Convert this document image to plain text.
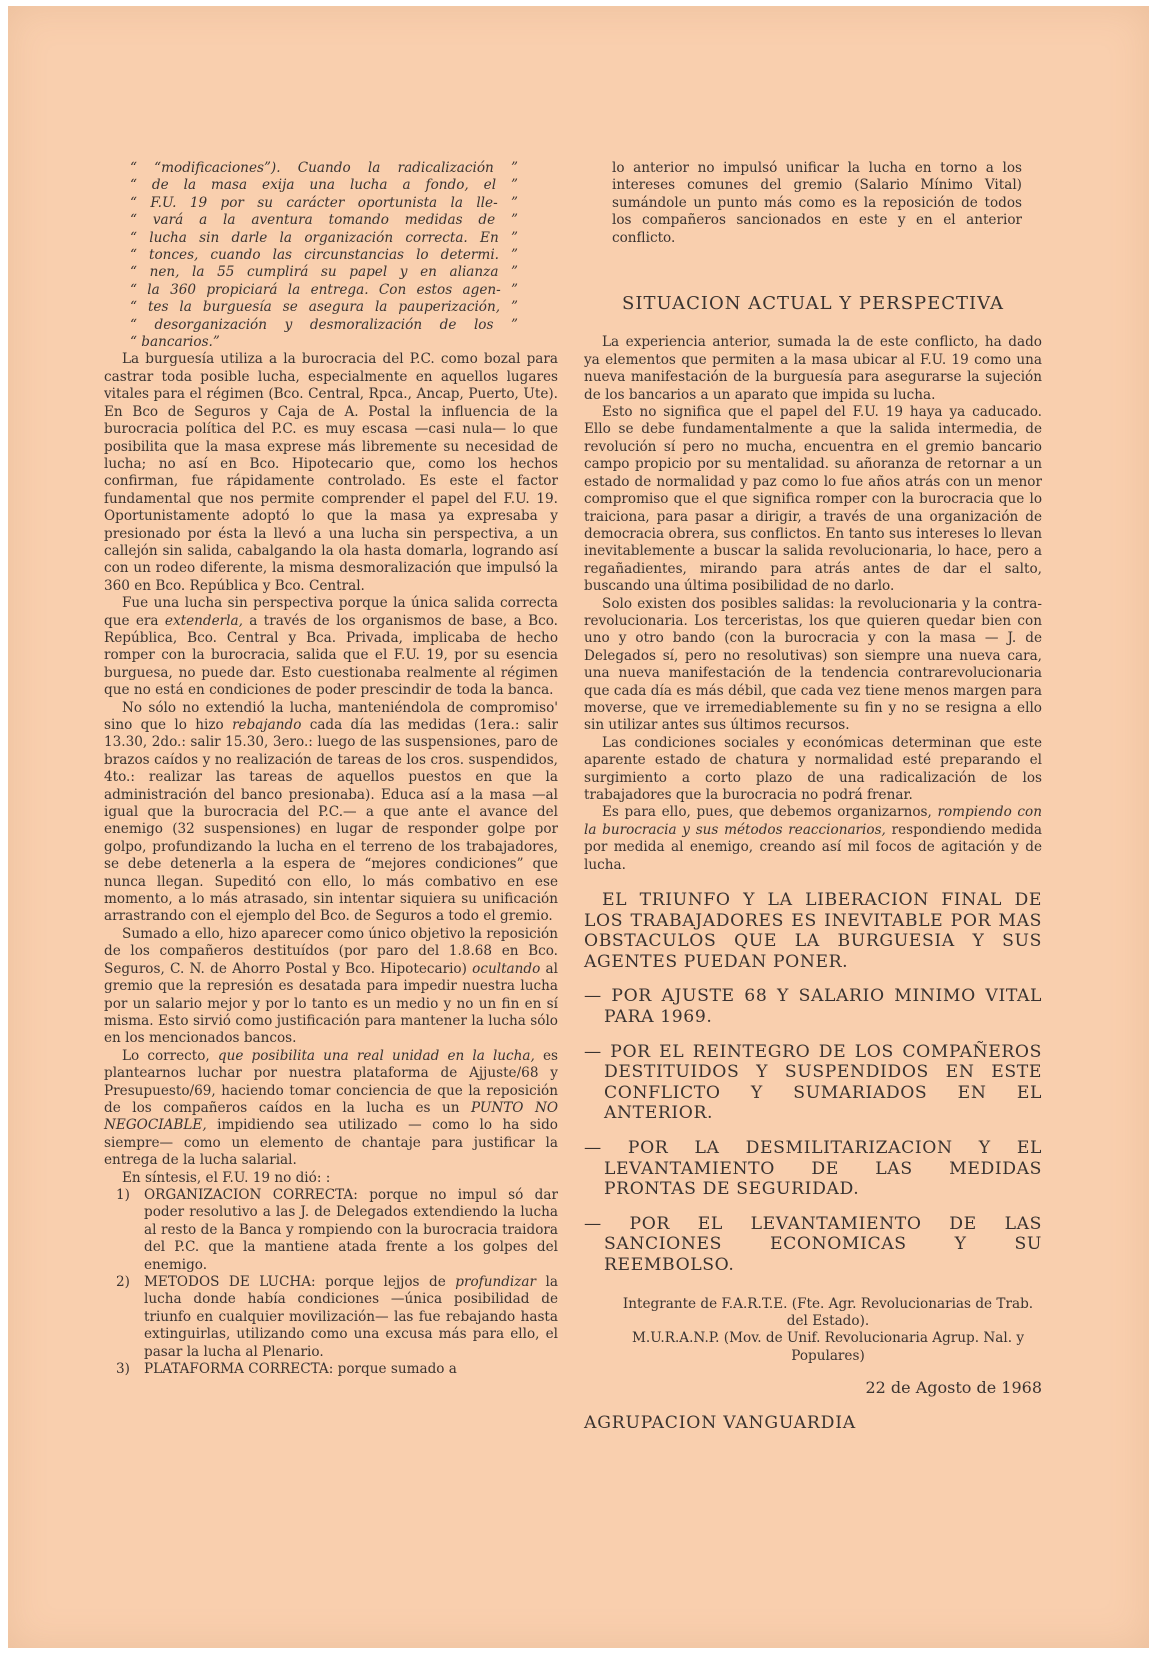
“ “modificaciones”). Cuando la radicalización ”
“ de la masa exija una lucha a fondo, el ”
“ F.U. 19 por su carácter oportunista la lle- ”
“ vará a la aventura tomando medidas de ”
“ lucha sin darle la organización correcta. En ”
“ tonces, cuando las circunstancias lo determi. ”
“ nen, la 55 cumplirá su papel y en alianza ”
“ la 360 propiciará la entrega. Con estos agen- ”
“ tes la burguesía se asegura la pauperización, ”
“ desorganización y desmoralización de los ”
“ bancarios.”

La burguesía utiliza a la burocracia del P.C. como bozal para castrar toda posible lucha, especialmente en aquellos lugares vitales para el régimen (Bco. Central, Rpca., Ancap, Puerto, Ute). En Bco de Seguros y Caja de A. Postal la influencia de la burocracia política del P.C. es muy escasa —casi nula— lo que posibilita que la masa exprese más libremente su necesidad de lucha; no así en Bco. Hipotecario que, como los hechos confirman, fue rápidamente controlado. Es este el factor fundamental que nos permite comprender el papel del F.U. 19. Oportunistamente adoptó lo que la masa ya expresaba y presionado por ésta la llevó a una lucha sin perspectiva, a un callejón sin salida, cabalgando la ola hasta domarla, logrando así con un rodeo diferente, la misma desmoralización que impulsó la 360 en Bco. República y Bco. Central.

Fue una lucha sin perspectiva porque la única salida correcta que era extenderla, a través de los organismos de base, a Bco. República, Bco. Central y Bca. Privada, implicaba de hecho romper con la burocracia, salida que el F.U. 19, por su esencia burguesa, no puede dar. Esto cuestionaba realmente al régimen que no está en condiciones de poder prescindir de toda la banca.

No sólo no extendió la lucha, manteniéndola de compromiso' sino que lo hizo rebajando cada día las medidas (1era.: salir 13.30, 2do.: salir 15.30, 3ero.: luego de las suspensiones, paro de brazos caídos y no realización de tareas de los cros. suspendidos, 4to.: realizar las tareas de aquellos puestos en que la administración del banco presionaba). Educa así a la masa —al igual que la burocracia del P.C.— a que ante el avance del enemigo (32 suspensiones) en lugar de responder golpe por golpo, profundizando la lucha en el terreno de los trabajadores, se debe detenerla a la espera de “mejores condiciones” que nunca llegan. Supeditó con ello, lo más combativo en ese momento, a lo más atrasado, sin intentar siquiera su unificación arrastrando con el ejemplo del Bco. de Seguros a todo el gremio.

Sumado a ello, hizo aparecer como único objetivo la reposición de los compañeros destituídos (por paro del 1.8.68 en Bco. Seguros, C. N. de Ahorro Postal y Bco. Hipotecario) ocultando al gremio que la represión es desatada para impedir nuestra lucha por un salario mejor y por lo tanto es un medio y no un fin en sí misma. Esto sirvió como justificación para mantener la lucha sólo en los mencionados bancos.

Lo correcto, que posibilita una real unidad en la lucha, es plantearnos luchar por nuestra plataforma de Ajjuste/68 y Presupuesto/69, haciendo tomar conciencia de que la reposición de los compañeros caídos en la lucha es un PUNTO NO NEGOCIABLE, impidiendo sea utilizado — como lo ha sido siempre— como un elemento de chantaje para justificar la entrega de la lucha salarial.

En síntesis, el F.U. 19 no dió: :

1) ORGANIZACION CORRECTA: porque no impul só dar poder resolutivo a las J. de Delegados extendiendo la lucha al resto de la Banca y rompiendo con la burocracia traidora del P.C. que la mantiene atada frente a los golpes del enemigo.
2) METODOS DE LUCHA: porque lejjos de profundizar la lucha donde había condiciones —única posibilidad de triunfo en cualquier movilización— las fue rebajando hasta extinguirlas, utilizando como una excusa más para ello, el pasar la lucha al Plenario.
3) PLATAFORMA CORRECTA: porque sumado a

lo anterior no impulsó unificar la lucha en torno a los intereses comunes del gremio (Salario Mínimo Vital) sumándole un punto más como es la reposición de todos los compañeros sancionados en este y en el anterior conflicto.

SITUACION ACTUAL Y PERSPECTIVA

La experiencia anterior, sumada la de este conflicto, ha dado ya elementos que permiten a la masa ubicar al F.U. 19 como una nueva manifestación de la burguesía para asegurarse la sujeción de los bancarios a un aparato que impida su lucha.

Esto no significa que el papel del F.U. 19 haya ya caducado. Ello se debe fundamentalmente a que la salida intermedia, de revolución sí pero no mucha, encuentra en el gremio bancario campo propicio por su mentalidad. su añoranza de retornar a un estado de normalidad y paz como lo fue años atrás con un menor compromiso que el que significa romper con la burocracia que lo traiciona, para pasar a dirigir, a través de una organización de democracia obrera, sus conflictos. En tanto sus intereses lo llevan inevitablemente a buscar la salida revolucionaria, lo hace, pero a regañadientes, mirando para atrás antes de dar el salto, buscando una última posibilidad de no darlo.

Solo existen dos posibles salidas: la revolucionaria y la contra-revolucionaria. Los terceristas, los que quieren quedar bien con uno y otro bando (con la burocracia y con la masa — J. de Delegados sí, pero no resolutivas) son siempre una nueva cara, una nueva manifestación de la tendencia contrarevolucionaria que cada día es más débil, que cada vez tiene menos margen para moverse, que ve irremediablemente su fin y no se resigna a ello sin utilizar antes sus últimos recursos.

Las condiciones sociales y económicas determinan que este aparente estado de chatura y normalidad esté preparando el surgimiento a corto plazo de una radicalización de los trabajadores que la burocracia no podrá frenar.

Es para ello, pues, que debemos organizarnos, rompiendo con la burocracia y sus métodos reaccionarios, respondiendo medida por medida al enemigo, creando así mil focos de agitación y de lucha.

EL TRIUNFO Y LA LIBERACION FINAL DE LOS TRABAJADORES ES INEVITABLE POR MAS OBSTACULOS QUE LA BURGUESIA Y SUS AGENTES PUEDAN PONER.

— POR AJUSTE 68 Y SALARIO MINIMO VITAL PARA 1969.

— POR EL REINTEGRO DE LOS COMPAÑEROS DESTITUIDOS Y SUSPENDIDOS EN ESTE CONFLICTO Y SUMARIADOS EN EL ANTERIOR.

— POR LA DESMILITARIZACION Y EL LEVANTAMIENTO DE LAS MEDIDAS PRONTAS DE SEGURIDAD.

— POR EL LEVANTAMIENTO DE LAS SANCIONES ECONOMICAS Y SU REEMBOLSO.

Integrante de F.A.R.T.E. (Fte. Agr. Revolucionarias de Trab. del Estado).
M.U.R.A.N.P. (Mov. de Unif. Revolucionaria Agrup. Nal. y Populares)
22 de Agosto de 1968
AGRUPACION VANGUARDIA
